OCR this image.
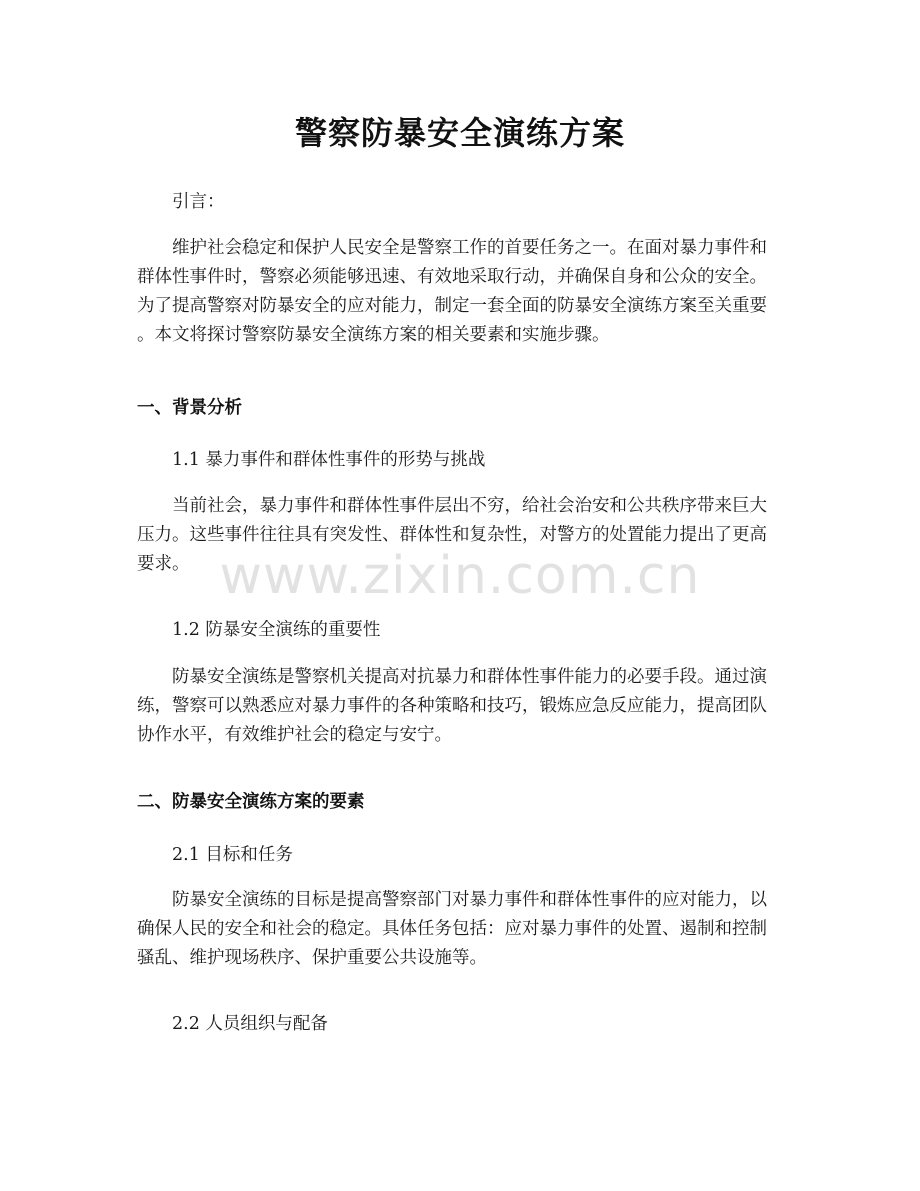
警察防暴安全演练方案
引言：
维护社会稳定和保护人民安全是警察工作的首要任务之一。在面对暴力事件和
群体性事件时，警察必须能够迅速、有效地采取行动，并确保自身和公众的安全。
为了提高警察对防暴安全的应对能力，制定一套全面的防暴安全演练方案至关重要
。本文将探讨警察防暴安全演练方案的相关要素和实施步骤。
一、背景分析
1.1 暴力事件和群体性事件的形势与挑战
当前社会，暴力事件和群体性事件层出不穷，给社会治安和公共秩序带来巨大
压力。这些事件往往具有突发性、群体性和复杂性，对警方的处置能力提出了更高
要求。
1.2 防暴安全演练的重要性
防暴安全演练是警察机关提高对抗暴力和群体性事件能力的必要手段。通过演
练，警察可以熟悉应对暴力事件的各种策略和技巧，锻炼应急反应能力，提高团队
协作水平，有效维护社会的稳定与安宁。
二、防暴安全演练方案的要素
2.1 目标和任务
防暴安全演练的目标是提高警察部门对暴力事件和群体性事件的应对能力，以
确保人民的安全和社会的稳定。具体任务包括：应对暴力事件的处置、遏制和控制
骚乱、维护现场秩序、保护重要公共设施等。
2.2 人员组织与配备
www.zixin.com.cn
